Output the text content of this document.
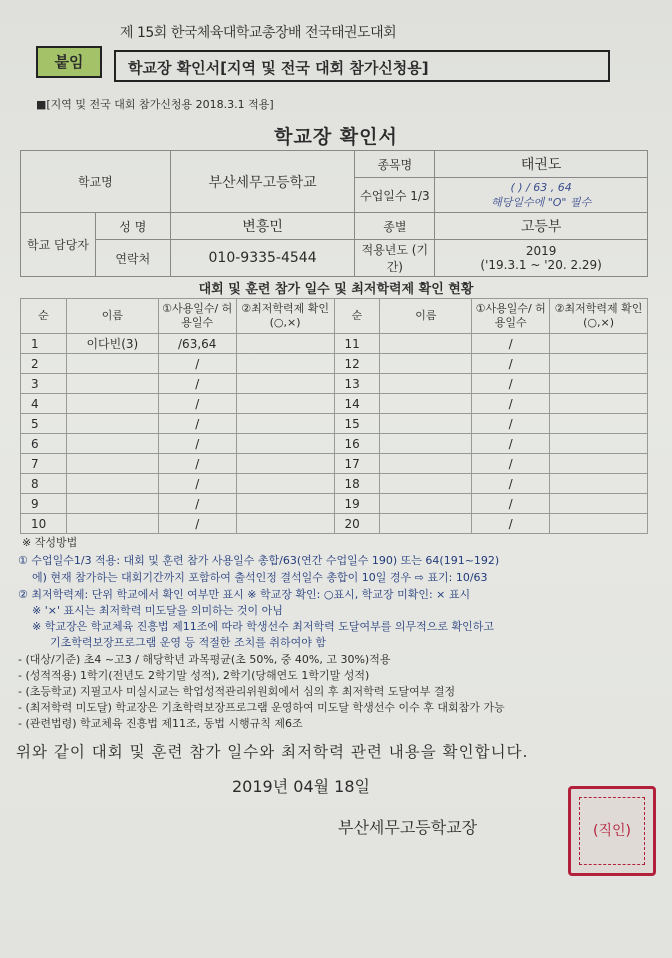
제 15회 한국체육대학교총장배 전국태권도대회
붙임	학교장 확인서[지역 및 전국 대회 참가신청용]
■[지역 및 전국 대회 참가신청용 2018.3.1 적용]
학교장 확인서
학교명		부산세무고등학교	종목명	태권도
			수업일수 1/3	( ) / 63 , 64
해당일수에 "O" 필수

학교 담당자	성 명	변흥민	종별	고등부
	연락처	010-9335-4544	적용년도 (기간)	2019
('19.3.1 ~ '20. 2.29)
대회 및 훈련 참가 일수 및 최저학력제 확인 현황
순	이름	①사용일수/ 허용일수	②최저학력제 확인(○,×)	순	이름	①사용일수/ 허용일수	②최저학력제 확인(○,×)
1	이다빈(3)	/63,64		11		/	
2		/		12		/	
3		/		13		/	
4		/		14		/	
5		/		15		/	
6		/		16		/	
7		/		17		/	
8		/		18		/	
9		/		19		/	
10		/		20		/	
※ 작성방법
① 수업일수1/3 적용: 대회 및 훈련 참가 사용일수 총합/63(연간 수업일수 190) 또는 64(191~192)
에) 현재 참가하는 대회기간까지 포함하여 출석인정 결석일수 총합이 10일 경우 ⇨ 표기: 10/63
② 최저학력제: 단위 학교에서 확인 여부만 표시 ※ 학교장 확인: ○표시, 학교장 미확인: × 표시
※ '×' 표시는 최저학력 미도달을 의미하는 것이 아님
※ 학교장은 학교체육 진흥법 제11조에 따라 학생선수 최저학력 도달여부를 의무적으로 확인하고
기초학력보장프로그램 운영 등 적절한 조치를 취하여야 함
- (대상/기준) 초4 ~고3 / 해당학년 과목평균(초 50%, 중 40%, 고 30%)적용
- (성적적용) 1학기(전년도 2학기말 성적), 2학기(당해연도 1학기말 성적)
- (초등학교) 지필고사 미실시교는 학업성적관리위원회에서 심의 후 최저학력 도달여부 결정
- (최저학력 미도달) 학교장은 기초학력보장프로그램 운영하여 미도달 학생선수 이수 후 대회참가 가능
- (관련법령) 학교체육 진흥법 제11조, 동법 시행규칙 제6조
위와 같이 대회 및 훈련 참가 일수와 최저학력 관련 내용을 확인합니다.
2019년 04월 18일
부산세무고등학교장	(직인)
